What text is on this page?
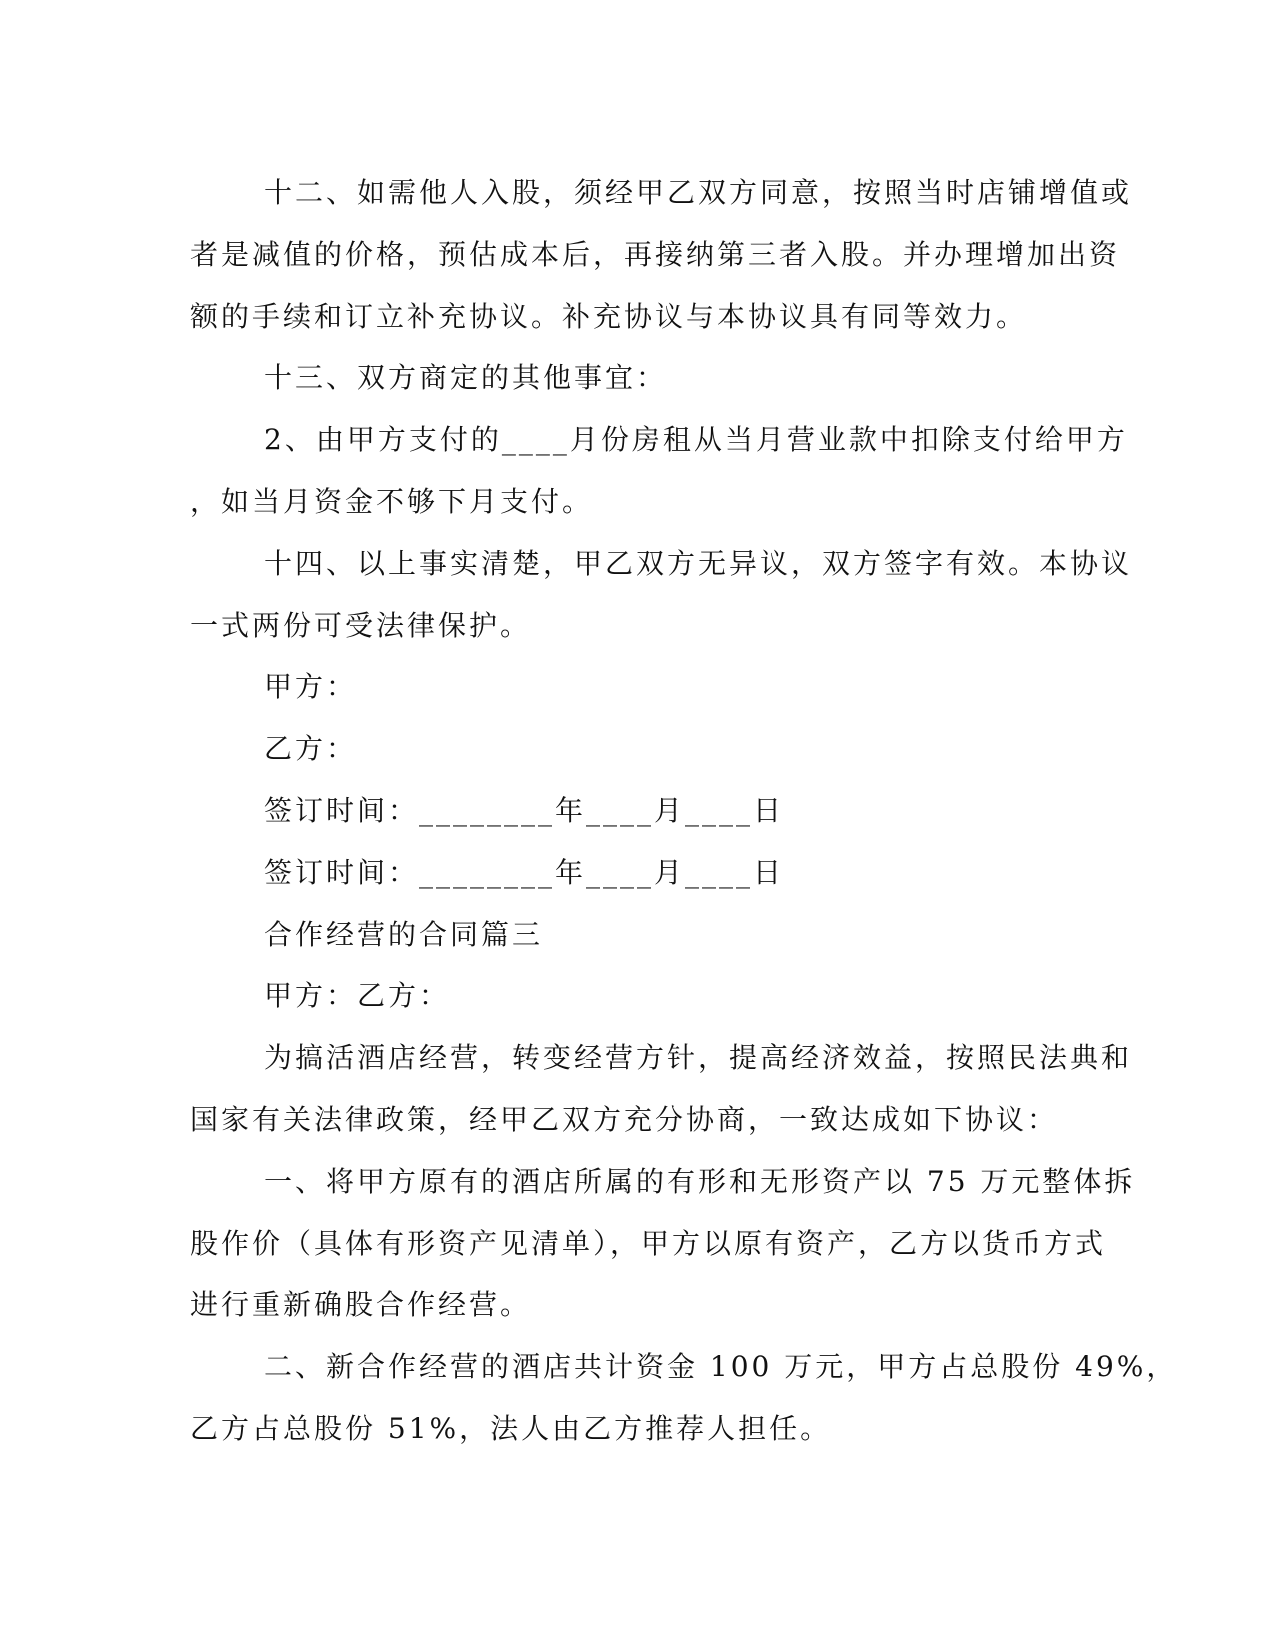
十二、如需他人入股，须经甲乙双方同意，按照当时店铺增值或

者是减值的价格，预估成本后，再接纳第三者入股。并办理增加出资

额的手续和订立补充协议。补充协议与本协议具有同等效力。

十三、双方商定的其他事宜：

2、由甲方支付的____月份房租从当月营业款中扣除支付给甲方

，如当月资金不够下月支付。

十四、以上事实清楚，甲乙双方无异议，双方签字有效。本协议

一式两份可受法律保护。

甲方：

乙方：

签订时间：________年____月____日

签订时间：________年____月____日

合作经营的合同篇三

甲方：乙方：

为搞活酒店经营，转变经营方针，提高经济效益，按照民法典和

国家有关法律政策，经甲乙双方充分协商，一致达成如下协议：

一、将甲方原有的酒店所属的有形和无形资产以 75 万元整体拆

股作价（具体有形资产见清单），甲方以原有资产，乙方以货币方式

进行重新确股合作经营。

二、新合作经营的酒店共计资金 100 万元，甲方占总股份 49%，

乙方占总股份 51%，法人由乙方推荐人担任。
